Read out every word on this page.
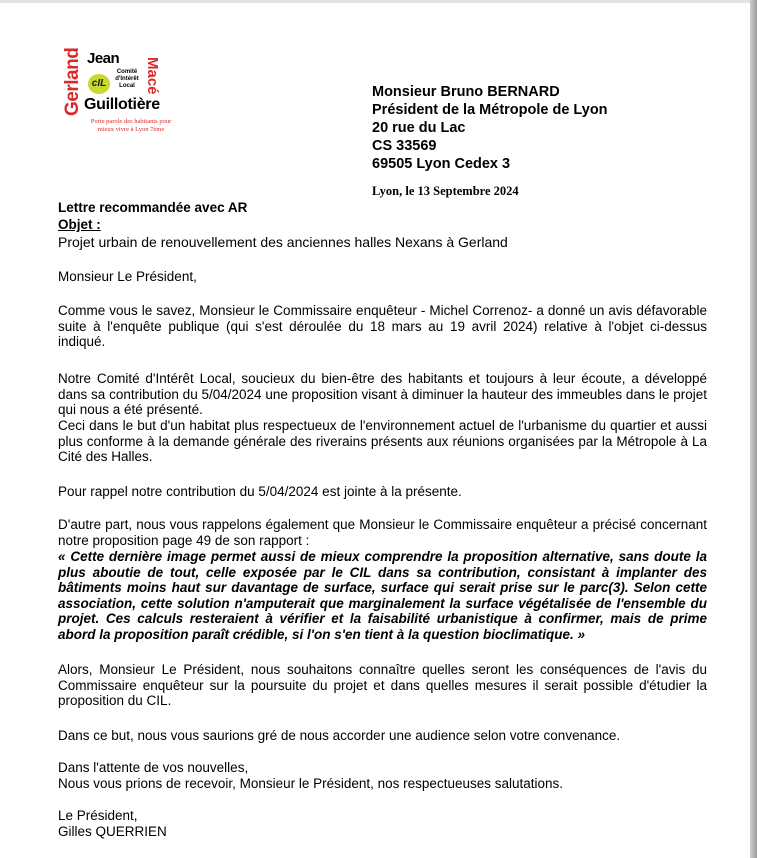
Gerland Jean Macé
cIL
Comité d'Intérêt Local
Guillotière
Porte parole des habitants pour mieux vivre à Lyon 7ème
Monsieur Bruno BERNARD
Président de la Métropole de Lyon
20 rue du Lac
CS 33569
69505 Lyon Cedex 3
Lyon, le 13 Septembre 2024
Lettre recommandée avec AR
Objet :
Projet urbain de renouvellement des anciennes halles Nexans à Gerland
Monsieur Le Président,

Comme vous le savez, Monsieur le Commissaire enquêteur - Michel Correnoz- a donné un avis défavorable suite à l'enquête publique (qui s'est déroulée du 18 mars au 19 avril 2024) relative à l'objet ci-dessus indiqué.

Notre Comité d'Intérêt Local, soucieux du bien-être des habitants et toujours à leur écoute, a développé dans sa contribution du 5/04/2024 une proposition visant à diminuer la hauteur des immeubles dans le projet qui nous a été présenté.

Ceci dans le but d'un habitat plus respectueux de l'environnement actuel de l'urbanisme du quartier et aussi plus conforme à la demande générale des riverains présents aux réunions organisées par la Métropole à La Cité des Halles.

Pour rappel notre contribution du 5/04/2024 est jointe à la présente.

D'autre part, nous vous rappelons également que Monsieur le Commissaire enquêteur a précisé concernant notre proposition page 49 de son rapport :

« Cette dernière image permet aussi de mieux comprendre la proposition alternative, sans doute la plus aboutie de tout, celle exposée par le CIL dans sa contribution, consistant à implanter des bâtiments moins haut sur davantage de surface, surface qui serait prise sur le parc(3). Selon cette association, cette solution n'amputerait que marginalement la surface végétalisée de l'ensemble du projet. Ces calculs resteraient à vérifier et la faisabilité urbanistique à confirmer, mais de prime abord la proposition paraît crédible, si l'on s'en tient à la question bioclimatique. »

Alors, Monsieur Le Président, nous souhaitons connaître quelles seront les conséquences de l'avis du Commissaire enquêteur sur la poursuite du projet et dans quelles mesures il serait possible d'étudier la proposition du CIL.

Dans ce but, nous vous saurions gré de nous accorder une audience selon votre convenance.

Dans l'attente de vos nouvelles,
Nous vous prions de recevoir, Monsieur le Président, nos respectueuses salutations.
Le Président,
Gilles QUERRIEN
